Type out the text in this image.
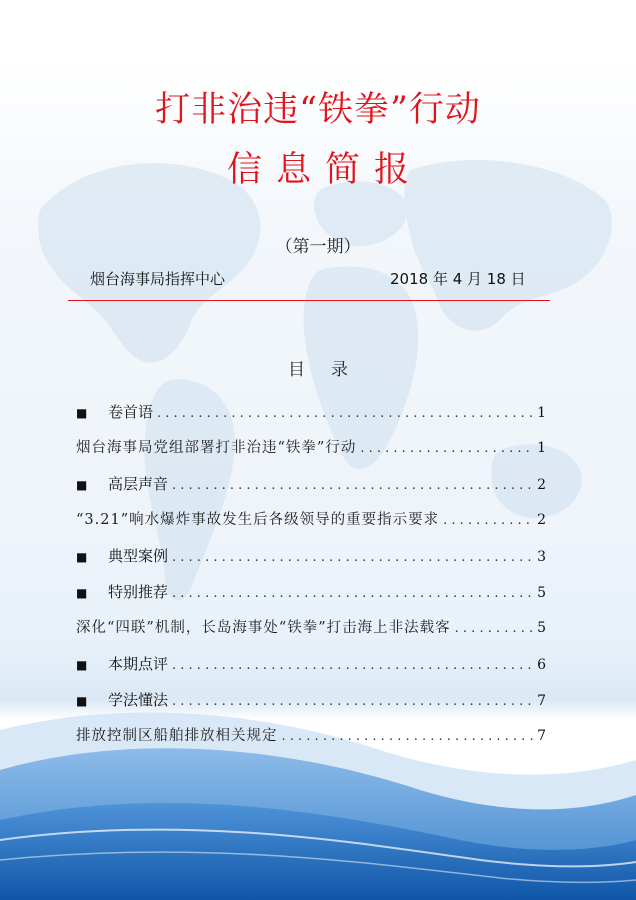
打非治违“铁拳”行动
信息简报
（第一期）
烟台海事局指挥中心	2018 年 4 月 18 日
目录
■	卷首语 . . .	1
烟台海事局党组部署打非治违“铁拳”行动 . . .	1
■	高层声音 . . .	2
“3.21”响水爆炸事故发生后各级领导的重要指示要求 . . .	2
■	典型案例 . . .	3
■	特别推荐 . . .	5
深化“四联”机制，长岛海事处“铁拳”打击海上非法载客 . . .	5
■	本期点评 . . .	6
■	学法懂法 . . .	7
排放控制区船舶排放相关规定 . . .	7
